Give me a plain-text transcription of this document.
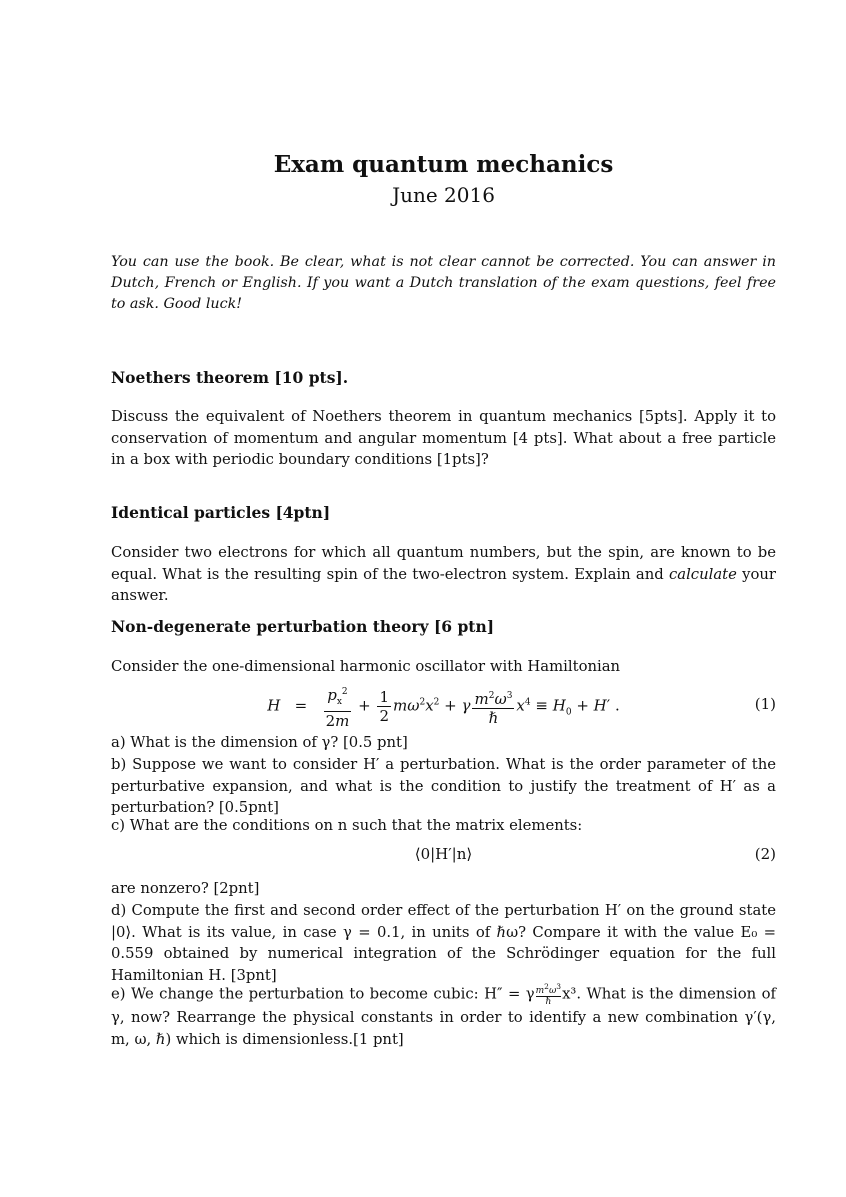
Exam quantum mechanics
June 2016

You can use the book. Be clear, what is not clear cannot be corrected. You can answer in Dutch, French or English. If you want a Dutch translation of the exam questions, feel free to ask. Good luck!

Noethers theorem [10 pts].

Discuss the equivalent of Noethers theorem in quantum mechanics [5pts]. Apply it to conservation of momentum and angular momentum [4 pts]. What about a free particle in a box with periodic boundary conditions [1pts]?

Identical particles [4ptn]

Consider two electrons for which all quantum numbers, but the spin, are known to be equal. What is the resulting spin of the two-electron system. Explain and calculate your answer.

Non-degenerate perturbation theory [6 ptn]

Consider the one-dimensional harmonic oscillator with Hamiltonian

$H = \frac{p_x^2}{2m} + \frac{1}{2} m\omega^2x^2 + \gamma \frac{m^2\omega^3}{\text{ℏ}} x^4 \equiv H_0 + H'$ .	(1)

a) What is the dimension of γ? [0.5 pnt]

b) Suppose we want to consider H′ a perturbation. What is the order parameter of the perturbative expansion, and what is the condition to justify the treatment of H′ as a perturbation? [0.5pnt]

c) What are the conditions on n such that the matrix elements:

⟨0|H′|n⟩	(2)

are nonzero? [2pnt]

d) Compute the first and second order effect of the perturbation H′ on the ground state |0⟩. What is its value, in case γ = 0.1, in units of ℏω? Compare it with the value E₀ = 0.559 obtained by numerical integration of the Schrödinger equation for the full Hamiltonian H. [3pnt]

e) We change the perturbation to become cubic: H″ = γ $m^2\omega^3$
ℏ x³. What is the dimension of γ, now? Rearrange the physical constants in order to identify a new combination γ′(γ, m, ω, ℏ) which is dimensionless.[1 pnt]
